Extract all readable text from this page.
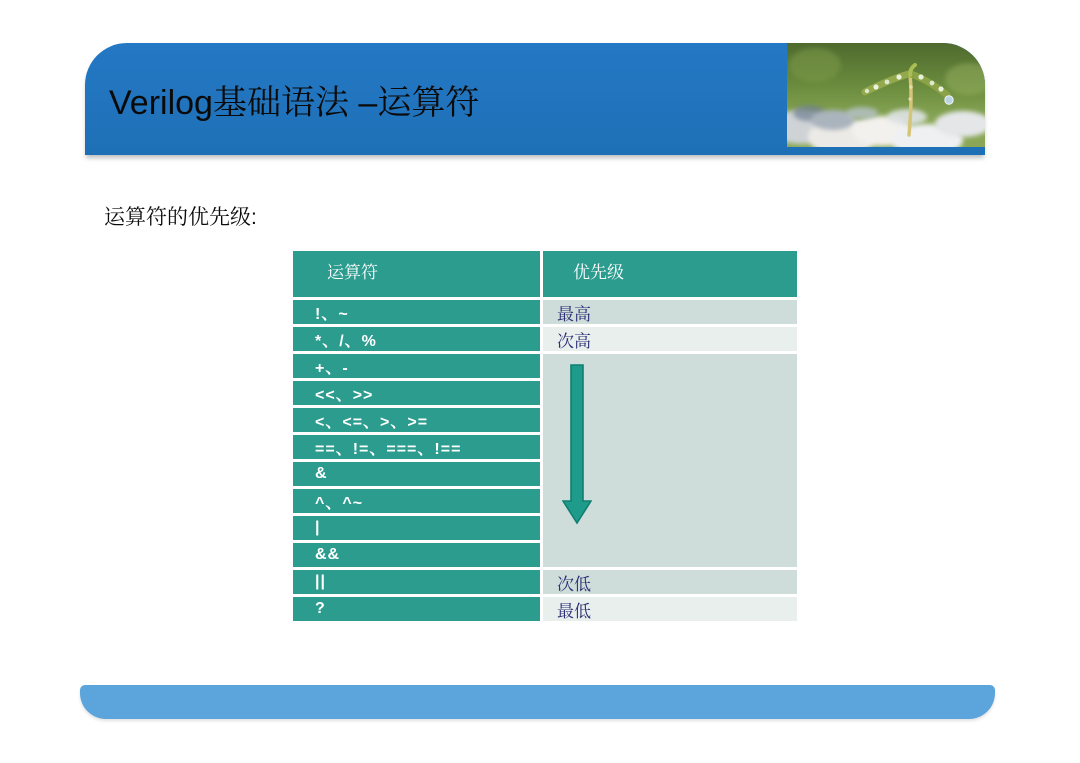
Verilog基础语法 –运算符
运算符的优先级:
运算符	优先级
!、~
*、/、%
+、-
<<、>>
<、<=、>、>=
==、!=、===、!==
&
^、^~
|
&&
||
?
最高
次高
次低
最低
